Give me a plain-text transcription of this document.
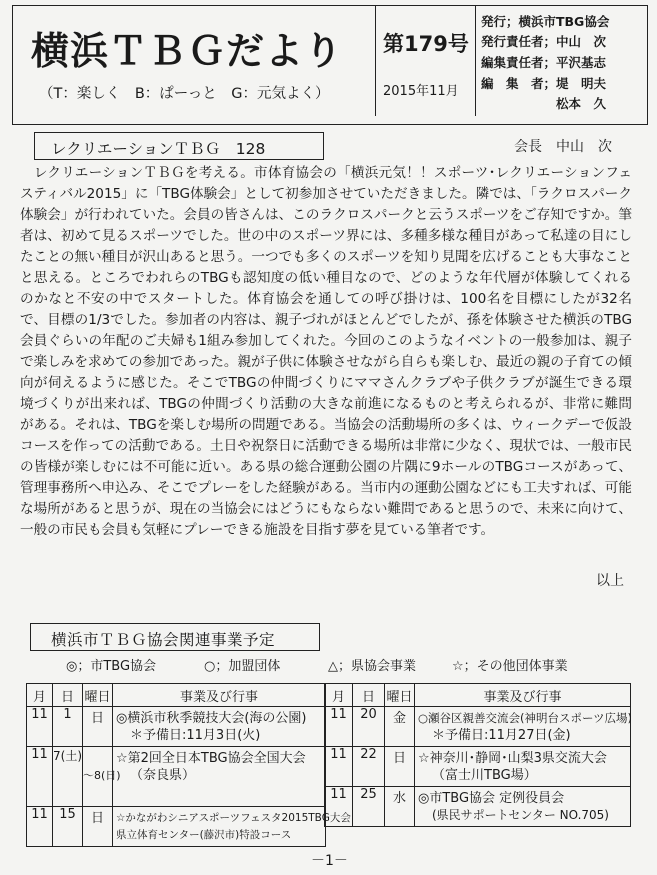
横浜ＴＢＧだより
（T：楽しく　B：ぱーっと　G：元気よく）
第179号
2015年11月
発行；横浜市TBG協会
発行責任者；中山　次
編集責任者；平沢基志
編　集　者；堤　明夫
　　　　　　松本　久
レクリエーションＴＢＧ　128	会長　中山　次
　レクリエーションＴＢＧを考える。市体育協会の「横浜元気！！スポーツ･レクリエーションフェスティバル2015」に「TBG体験会」として初参加させていただきました。隣では、「ラクロスパーク体験会」が行われていた。会員の皆さんは、このラクロスパークと云うスポーツをご存知ですか。筆者は、初めて見るスポーツでした。世の中のスポーツ界には、多種多様な種目があって私達の目にしたことの無い種目が沢山あると思う。一つでも多くのスポーツを知り見聞を広げることも大事なことと思える。ところでわれらのTBGも認知度の低い種目なので、どのような年代層が体験してくれるのかなと不安の中でスタートした。体育協会を通しての呼び掛けは、100名を目標にしたが32名で、目標の1/3でした。参加者の内容は、親子づれがほとんどでしたが、孫を体験させた横浜のTBG会員ぐらいの年配のご夫婦も1組み参加してくれた。今回のこのようなイベントの一般参加は、親子で楽しみを求めての参加であった。親が子供に体験させながら自らも楽しむ、最近の親の子育ての傾向が伺えるように感じた。そこでTBGの仲間づくりにママさんクラブや子供クラブが誕生できる環境づくりが出来れば、TBGの仲間づくり活動の大きな前進になるものと考えられるが、非常に難問がある。それは、TBGを楽しむ場所の問題である。当協会の活動場所の多くは、ウィークデーで仮設コースを作っての活動である。土日や祝祭日に活動できる場所は非常に少なく、現状では、一般市民の皆様が楽しむには不可能に近い。ある県の総合運動公園の片隅に9ホールのTBGコースがあって、管理事務所へ申込み、そこでプレーをした経験がある。当市内の運動公園などにも工夫すれば、可能な場所があると思うが、現在の当協会にはどうにもならない難問であると思うので、未来に向けて、一般の市民も会員も気軽にプレーできる施設を目指す夢を見ている筆者です。
以上
横浜市ＴＢＧ協会関連事業予定
◎；市TBG協会	○；加盟団体	△；県協会事業	☆；その他団体事業
月	日	曜日	事業及び行事
11	1	日	◎横浜市秋季競技大会(海の公園)
＊予備日:11月3日(火)

11	7(土)	～8(日)	☆第2回全日本TBG協会全国大会
（奈良県）

11	15	日	☆かながわシニアスポーツフェスタ2015TBG大会
県立体育センター(藤沢市)特設コース
月	日	曜日	事業及び行事
11	20	金	○瀬谷区親善交流会(神明台スポーツ広場)
＊予備日:11月27日(金)

11	22	日	☆神奈川･静岡･山梨3県交流大会
（富士川TBG場）

11	25	水	◎市TBG協会 定例役員会
(県民サポートセンター NO.705)
－1－
